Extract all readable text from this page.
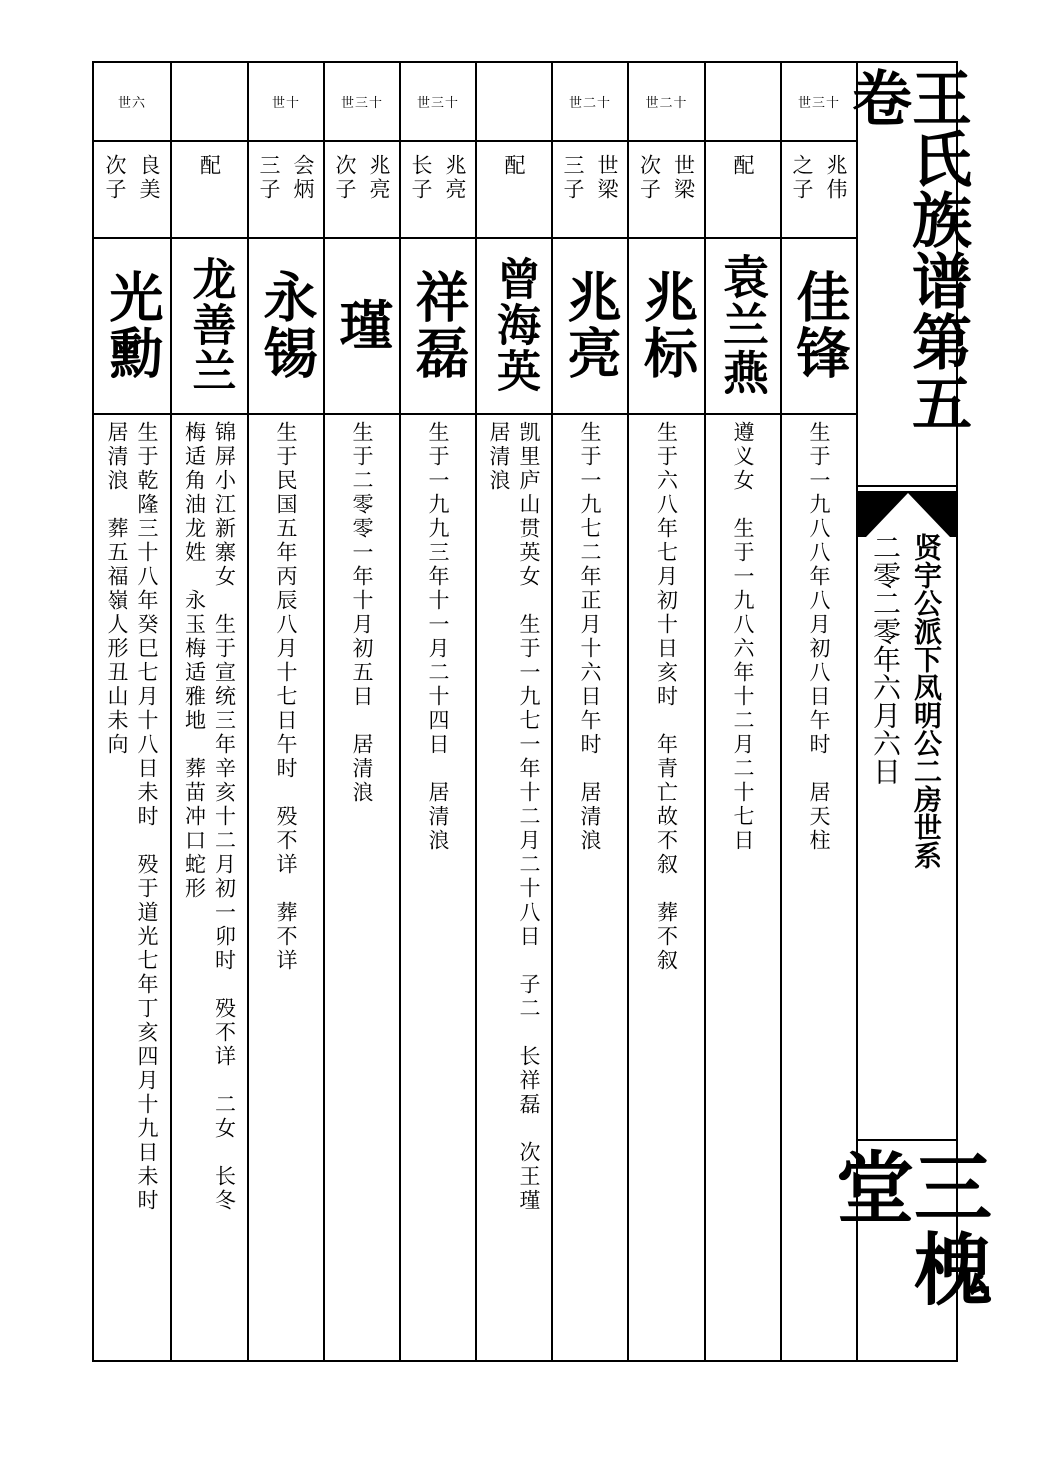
世三十
兆伟之子
佳锋
生于一九八八年八月初八日午时　居天柱
配
袁兰燕
遵义女　生于一九八六年十二月二十七日
世二十
世梁次子
兆标
生于六八年七月初十日亥时　年青亡故不叙　葬不叙
世二十
世梁三子
兆亮
生于一九七二年正月十六日午时　居清浪
配
曾海英
凯里庐山贯英女　生于一九七一年十二月二十八日　子二　长祥磊　次王瑾
居清浪
世三十
兆亮长子
祥磊
生于一九九三年十一月二十四日　居清浪
世三十
兆亮次子
瑾
生于二零零一年十月初五日　居清浪
世十
会炳三子
永锡
生于民国五年丙辰八月十七日午时　殁不详　葬不详
配
龙善兰
锦屏小江新寨女　生于宣统三年辛亥十二月初一卯时　殁不详　二女　长冬
梅适角油龙姓　永玉梅适雅地　葬苗冲口蛇形
世六
良美次子
光勳
生于乾隆三十八年癸巳七月十八日未时　殁于道光七年丁亥四月十九日未时
居清浪　葬五福嶺人形丑山未向
王氏族谱第五卷
贤宇公派下凤明公二房世系
二零二零年六月六日
三槐堂
